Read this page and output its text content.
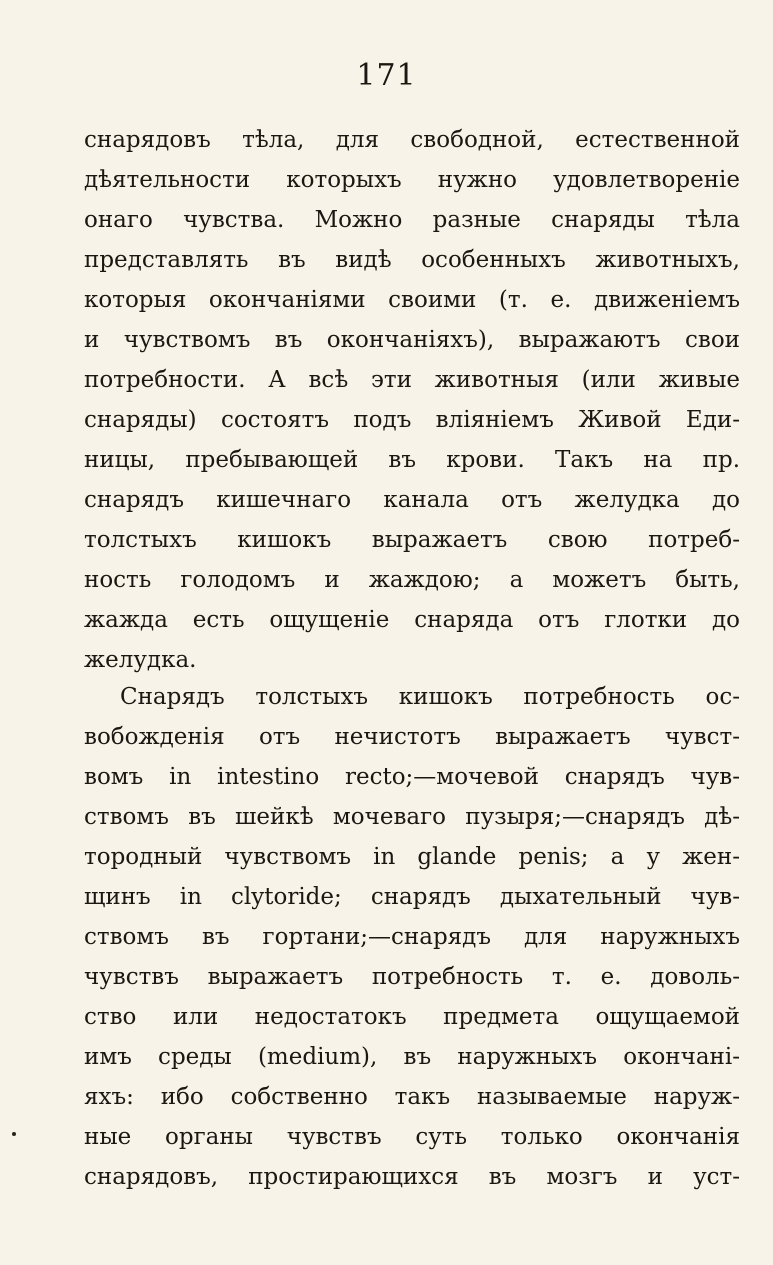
171
снарядовъ тѣла, для свободной, естественной
дѣятельности которыхъ нужно удовлетвореніе
онаго чувства. Можно разные снаряды тѣла
представлять въ видѣ особенныхъ животныхъ,
которыя окончаніями своими (т. е. движеніемъ
и чувствомъ въ окончаніяхъ), выражаютъ свои
потребности. А всѣ эти животныя (или живые
снаряды) состоятъ подъ вліяніемъ Живой Еди-
ницы, пребывающей въ крови. Такъ на пр.
снарядъ кишечнаго канала отъ желудка до
толстыхъ кишокъ выражаетъ свою потреб-
ность голодомъ и жаждою; а можетъ быть,
жажда есть ощущеніе снаряда отъ глотки до
желудка.
Снарядъ толстыхъ кишокъ потребность ос-
вобожденія отъ нечистотъ выражаетъ чувст-
вомъ in intestino recto;—мочевой снарядъ чув-
ствомъ въ шейкѣ мочеваго пузыря;—снарядъ дѣ-
тородный чувствомъ in glande penis; а у жен-
щинъ in clytoride; снарядъ дыхательный чув-
ствомъ въ гортани;—снарядъ для наружныхъ
чувствъ выражаетъ потребность т. е. доволь-
ство или недостатокъ предмета ощущаемой
имъ среды (medium), въ наружныхъ окончані-
яхъ: ибо собственно такъ называемые наруж-
ные органы чувствъ суть только окончанія
снарядовъ, простирающихся въ мозгъ и уст-
